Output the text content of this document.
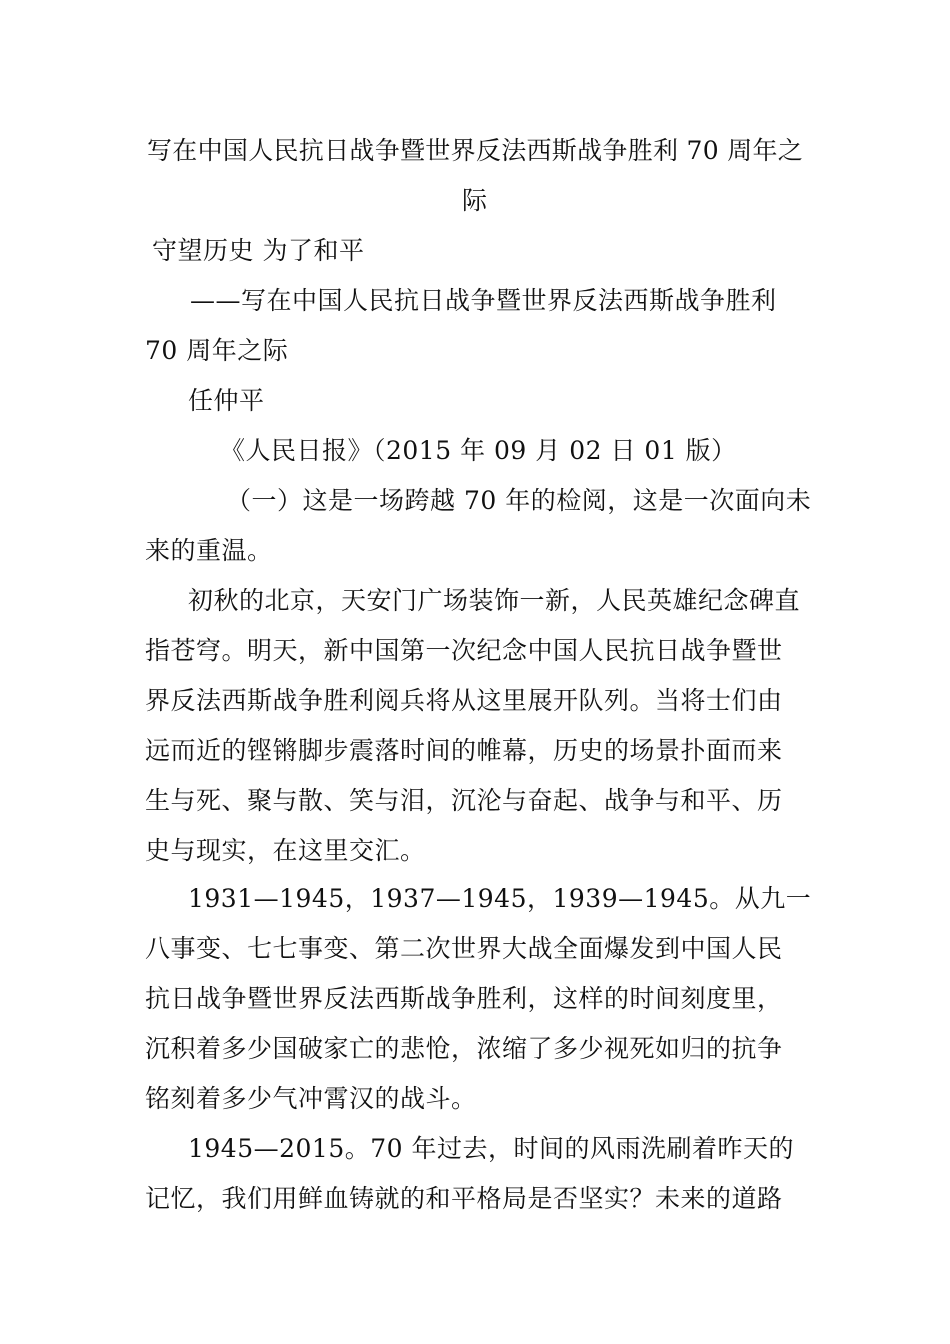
写在中国人民抗日战争暨世界反法西斯战争胜利 70 周年之
际
守望历史 为了和平
——写在中国人民抗日战争暨世界反法西斯战争胜利
70 周年之际
任仲平
《人民日报》（2015 年 09 月 02 日 01 版）
（一）这是一场跨越 70 年的检阅，这是一次面向未
来的重温。
初秋的北京，天安门广场装饰一新，人民英雄纪念碑直
指苍穹。明天，新中国第一次纪念中国人民抗日战争暨世
界反法西斯战争胜利阅兵将从这里展开队列。当将士们由
远而近的铿锵脚步震落时间的帷幕，历史的场景扑面而来
生与死、聚与散、笑与泪，沉沦与奋起、战争与和平、历
史与现实，在这里交汇。
1931—1945，1937—1945，1939—1945。从九一
八事变、七七事变、第二次世界大战全面爆发到中国人民
抗日战争暨世界反法西斯战争胜利，这样的时间刻度里，
沉积着多少国破家亡的悲怆，浓缩了多少视死如归的抗争
铭刻着多少气冲霄汉的战斗。
1945—2015。70 年过去，时间的风雨洗刷着昨天的
记忆，我们用鲜血铸就的和平格局是否坚实？未来的道路
